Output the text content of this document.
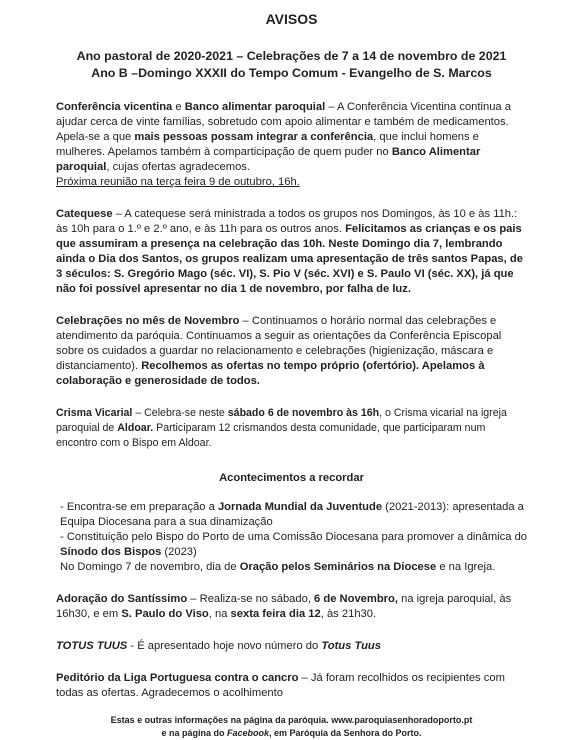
AVISOS
Ano pastoral de 2020-2021 – Celebrações de 7 a 14 de novembro de 2021
Ano B –Domingo XXXII do Tempo Comum - Evangelho de S. Marcos

Conferência vicentina e Banco alimentar paroquial – A Conferência Vicentina continua a ajudar cerca de vinte famílias, sobretudo com apoio alimentar e também de medicamentos. Apela-se a que mais pessoas possam integrar a conferência, que inclui homens e mulheres. Apelamos também à comparticipação de quem puder no Banco Alimentar paroquial, cujas ofertas agradecemos.
Próxima reunião na terça feira 9 de outubro, 16h.

Catequese – A catequese será ministrada a todos os grupos nos Domingos, às 10 e às 11h.: às 10h para o 1.º e 2.º ano, e às 11h para os outros anos. Felicitamos as crianças e os pais que assumiram a presença na celebração das 10h. Neste Domingo dia 7, lembrando ainda o Dia dos Santos, os grupos realizam uma apresentação de três santos Papas, de 3 séculos: S. Gregório Mago (séc. VI), S. Pio V (séc. XVI) e S. Paulo VI (séc. XX), já que não foi possível apresentar no dia 1 de novembro, por falha de luz.

Celebrações no mês de Novembro – Continuamos o horário normal das celebrações e atendimento da paróquia. Continuamos a seguir as orientações da Conferência Episcopal sobre os cuidados a guardar no relacionamento e celebrações (higienização, máscara e distanciamento). Recolhemos as ofertas no tempo próprio (ofertório). Apelamos à colaboração e generosidade de todos.

Crisma Vicarial – Celebra-se neste sábado 6 de novembro às 16h, o Crisma vicarial na igreja paroquial de Aldoar. Participaram 12 crismandos desta comunidade, que participaram num encontro com o Bispo em Aldoar.

Acontecimentos a recordar

- Encontra-se em preparação a Jornada Mundial da Juventude (2021-2013): apresentada a Equipa Diocesana para a sua dinamização

- Constituição pelo Bispo do Porto de uma Comissão Diocesana para promover a dinâmica do Sínodo dos Bispos (2023)

No Domingo 7 de novembro, dia de Oração pelos Seminários na Diocese e na Igreja.

Adoração do Santíssimo – Realiza-se no sábado, 6 de Novembro, na igreja paroquial, às 16h30, e em S. Paulo do Viso, na sexta feira dia 12, às 21h30.

TOTUS TUUS - É apresentado hoje novo número do Totus Tuus

Peditório da Liga Portuguesa contra o cancro – Já foram recolhidos os recipientes com todas as ofertas. Agradecemos o acolhimento

Estas e outras informações na página da paróquia. www.paroquiasenhoradoporto.pt
e na página do Facebook, em Paróquia da Senhora do Porto.
